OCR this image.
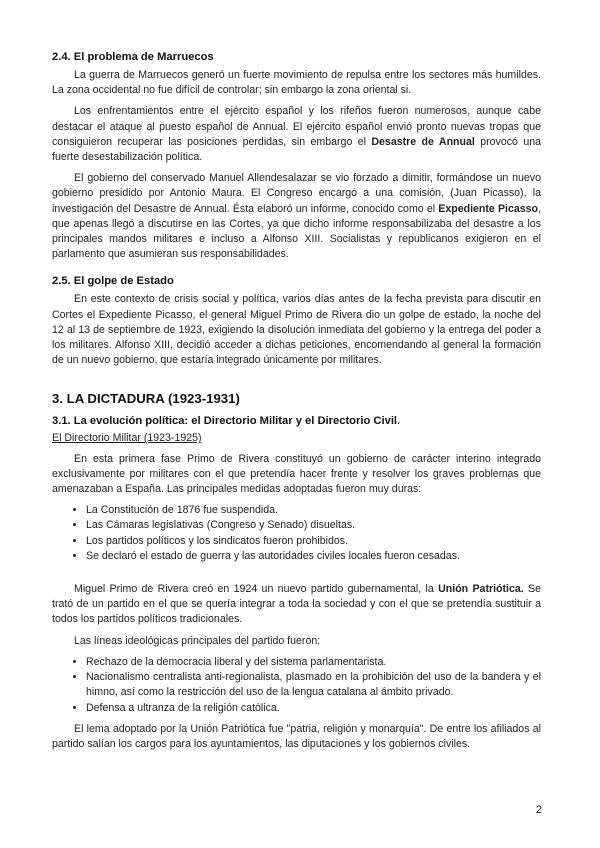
2.4. El problema de Marruecos

La guerra de Marruecos generó un fuerte movimiento de repulsa entre los sectores más humildes. La zona occidental no fue difícil de controlar; sin embargo la zona oriental si.

Los enfrentamientos entre el ejército español y los rifeños fueron numerosos, aunque cabe destacar el ataque al puesto español de Annual. El ejército español envió pronto nuevas tropas que consiguieron recuperar las posiciones perdidas, sin embargo el Desastre de Annual provocó una fuerte desestabilización política.

El gobierno del conservado Manuel Allendesalazar se vio forzado a dimitir, formándose un nuevo gobierno presidido por Antonio Maura. El Congreso encargó a una comisión, (Juan Picasso), la investigación del Desastre de Annual. Ésta elaboró un informe, conocido como el Expediente Picasso, que apenas llegó a discutirse en las Cortes, ya que dicho informe responsabilizaba del desastre a los principales mandos militares e incluso a Alfonso XIII. Socialistas y republicanos exigieron en el parlamento que asumieran sus responsabilidades.

2.5. El golpe de Estado

En este contexto de crisis social y política, varios días antes de la fecha prevista para discutir en Cortes el Expediente Picasso, el general Miguel Primo de Rivera dio un golpe de estado, la noche del 12 al 13 de septiembre de 1923, exigiendo la disolución inmediata del gobierno y la entrega del poder a los militares. Alfonso XIII, decidió acceder a dichas peticiones, encomendando al general la formación de un nuevo gobierno, que estaría integrado únicamente por militares.

3. LA DICTADURA (1923-1931)
3.1. La evolución política: el Directorio Militar y el Directorio Civil.
El Directorio Militar (1923-1925)

En esta primera fase Primo de Rivera constituyó un gobierno de carácter interino integrado exclusivamente por militares con el que pretendía hacer frente y resolver los graves problemas que amenazaban a España. Las principales medidas adoptadas fueron muy duras:

• La Constitución de 1876 fue suspendida.
• Las Cámaras legislativas (Congreso y Senado) disueltas.
• Los partidos políticos y los sindicatos fueron prohibidos.
• Se declaró el estado de guerra y las autoridades civiles locales fueron cesadas.

Miguel Primo de Rivera creó en 1924 un nuevo partido gubernamental, la Unión Patriótica. Se trató de un partido en el que se quería integrar a toda la sociedad y con el que se pretendía sustituir a todos los partidos políticos tradicionales.

Las líneas ideológicas principales del partido fueron:

• Rechazo de la democracia liberal y del sistema parlamentarista.
• Nacionalismo centralista anti-regionalista, plasmado en la prohibición del uso de la bandera y el himno, así como la restricción del uso de la lengua catalana al ámbito privado.
• Defensa a ultranza de la religión católica.

El lema adoptado por la Unión Patriótica fue "patria, religión y monarquía". De entre los afiliados al partido salían los cargos para los ayuntamientos, las diputaciones y los gobiernos civiles.

2
